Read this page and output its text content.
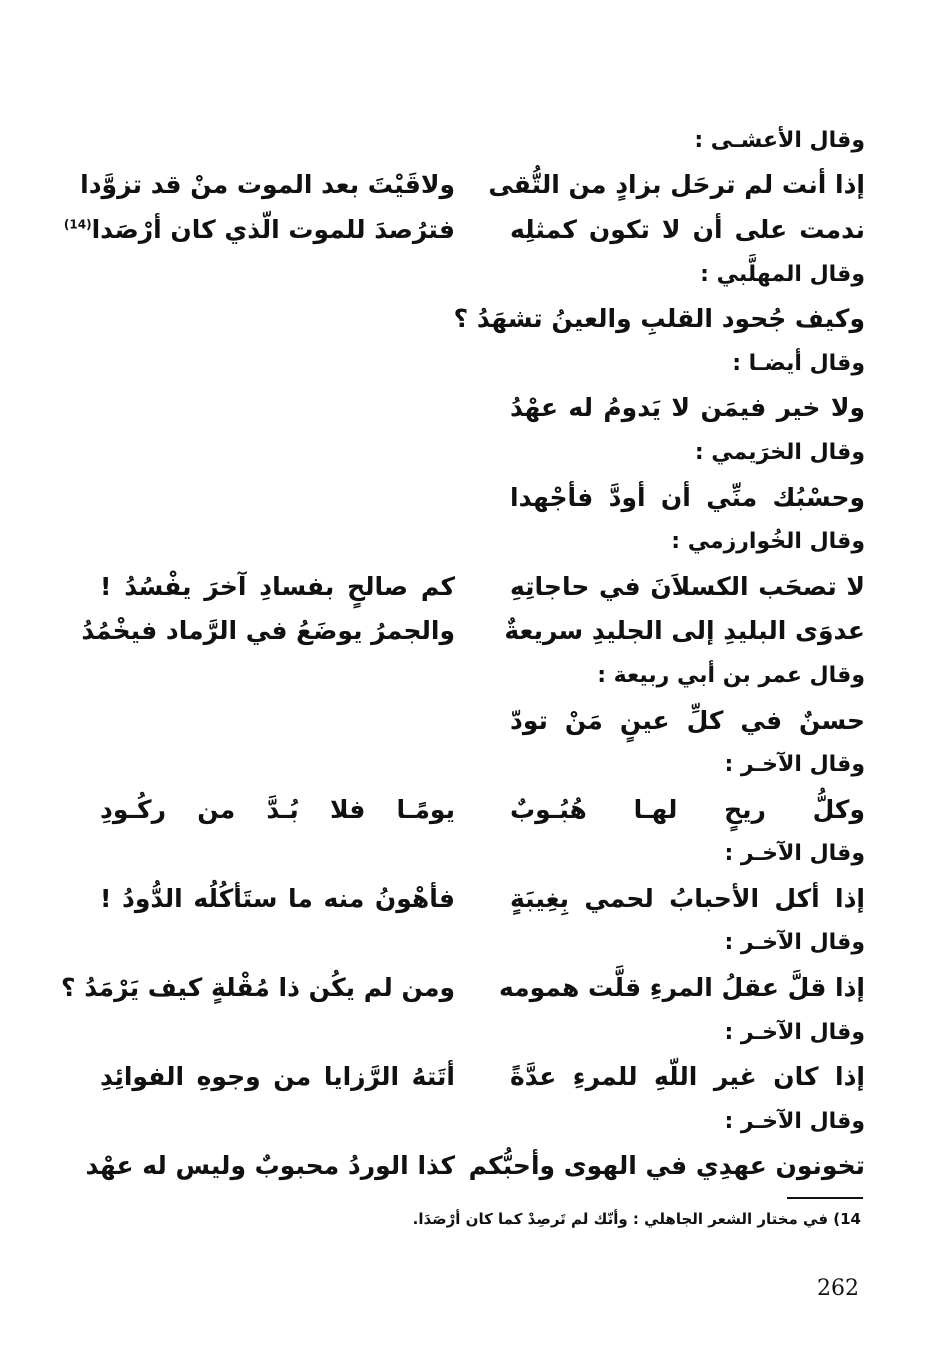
وقال الأعشـى :
إذا أنت لم ترحَل بزادٍ من التُّقى
ولاقَيْتَ بعد الموت منْ قد تزوَّدا
ندمت على أن لا تكون كمثلِه
فترُصدَ للموت الّذي كان أرْصَدا$^{(14)}$
وقال المهلَّبي :
وكيف جُحود القلبِ والعينُ تشهَدُ ؟
وقال أيضـا :
ولا خير فيمَن لا يَدومُ له عهْدُ
وقال الخرَيمي :
وحسْبُك منِّي أن أودَّ فأجْهدا
وقال الخُوارزمي :
لا تصحَب الكسلاَنَ في حاجاتِهِ
كم صالحٍ بفسادِ آخرَ يفْسُدُ !
عدوَى البليدِ إلى الجليدِ سريعةٌ
والجمرُ يوضَعُ في الرَّماد فيخْمُدُ
وقال عمر بن أبي ربيعة :
حسنٌ في كلِّ عينٍ مَنْ تودّ
وقال الآخـر :
وكلُّ ريحٍ لهـا هُبُـوبٌ
يومًـا فلا بُـدَّ من ركُـودِ
وقال الآخـر :
إذا أكل الأحبابُ لحمي بِغِيبَةٍ
فأهْونُ منه ما ستَأكُلُه الدُّودُ !
وقال الآخـر :
إذا قلَّ عقلُ المرءِ قلَّت همومه
ومن لم يكُن ذا مُقْلةٍ كيف يَرْمَدُ ؟
وقال الآخـر :
إذا كان غير اللّهِ للمرءِ عدَّةً
أتَتهُ الرَّزايا من وجوهِ الفوائِدِ
وقال الآخـر :
تخونون عهدِي في الهوى وأحبُّكم
كذا الوردُ محبوبٌ وليس له عهْد
14) في مختار الشعر الجاهلي : وأنّك لم تَرصِدْ كما كان أرْصَدَا.
262
